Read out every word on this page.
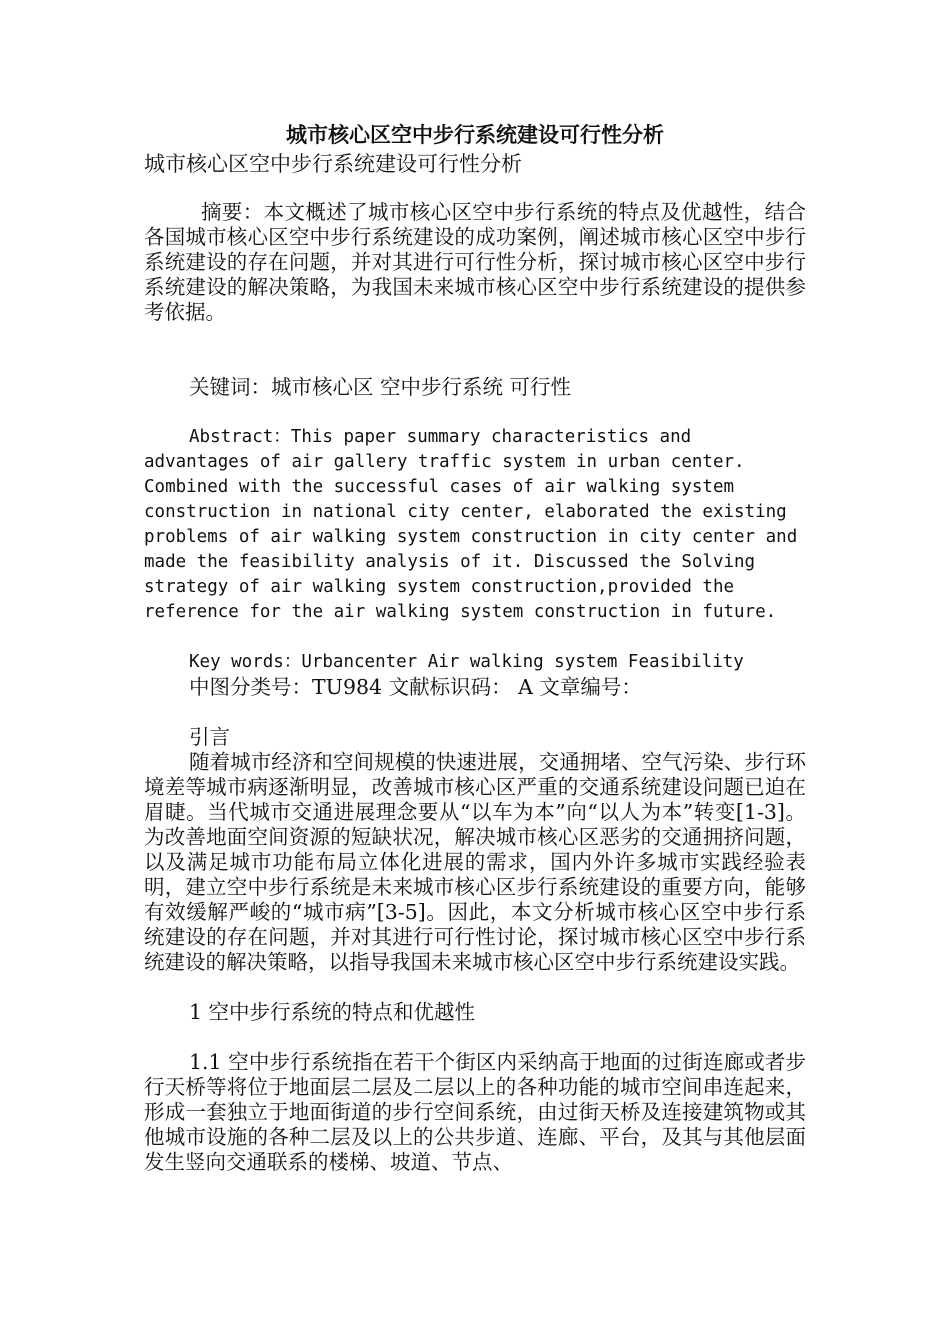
城市核心区空中步行系统建设可行性分析

城市核心区空中步行系统建设可行性分析

摘要：本文概述了城市核心区空中步行系统的特点及优越性，结合各国城市核心区空中步行系统建设的成功案例，阐述城市核心区空中步行系统建设的存在问题，并对其进行可行性分析，探讨城市核心区空中步行系统建设的解决策略，为我国未来城市核心区空中步行系统建设的提供参考依据。

关键词：城市核心区 空中步行系统 可行性

Abstract：This paper summary characteristics and advantages of air gallery traffic system in urban center. Combined with the successful cases of air walking system construction in national city center, elaborated the existing problems of air walking system construction in city center and made the feasibility analysis of it. Discussed the Solving strategy of air walking system construction,provided the reference for the air walking system construction in future.

Key words：Urbancenter Air walking system Feasibility

中图分类号：TU984 文献标识码： A 文章编号：

引言

随着城市经济和空间规模的快速进展，交通拥堵、空气污染、步行环境差等城市病逐渐明显，改善城市核心区严重的交通系统建设问题已迫在眉睫。当代城市交通进展理念要从“以车为本”向“以人为本”转变[1-3]。为改善地面空间资源的短缺状况，解决城市核心区恶劣的交通拥挤问题，以及满足城市功能布局立体化进展的需求，国内外许多城市实践经验表明，建立空中步行系统是未来城市核心区步行系统建设的重要方向，能够有效缓解严峻的“城市病”[3-5]。因此，本文分析城市核心区空中步行系统建设的存在问题，并对其进行可行性讨论，探讨城市核心区空中步行系统建设的解决策略，以指导我国未来城市核心区空中步行系统建设实践。

1 空中步行系统的特点和优越性

1.1 空中步行系统指在若干个街区内采纳高于地面的过街连廊或者步行天桥等将位于地面层二层及二层以上的各种功能的城市空间串连起来，形成一套独立于地面街道的步行空间系统，由过街天桥及连接建筑物或其他城市设施的各种二层及以上的公共步道、连廊、平台，及其与其他层面发生竖向交通联系的楼梯、坡道、节点、
